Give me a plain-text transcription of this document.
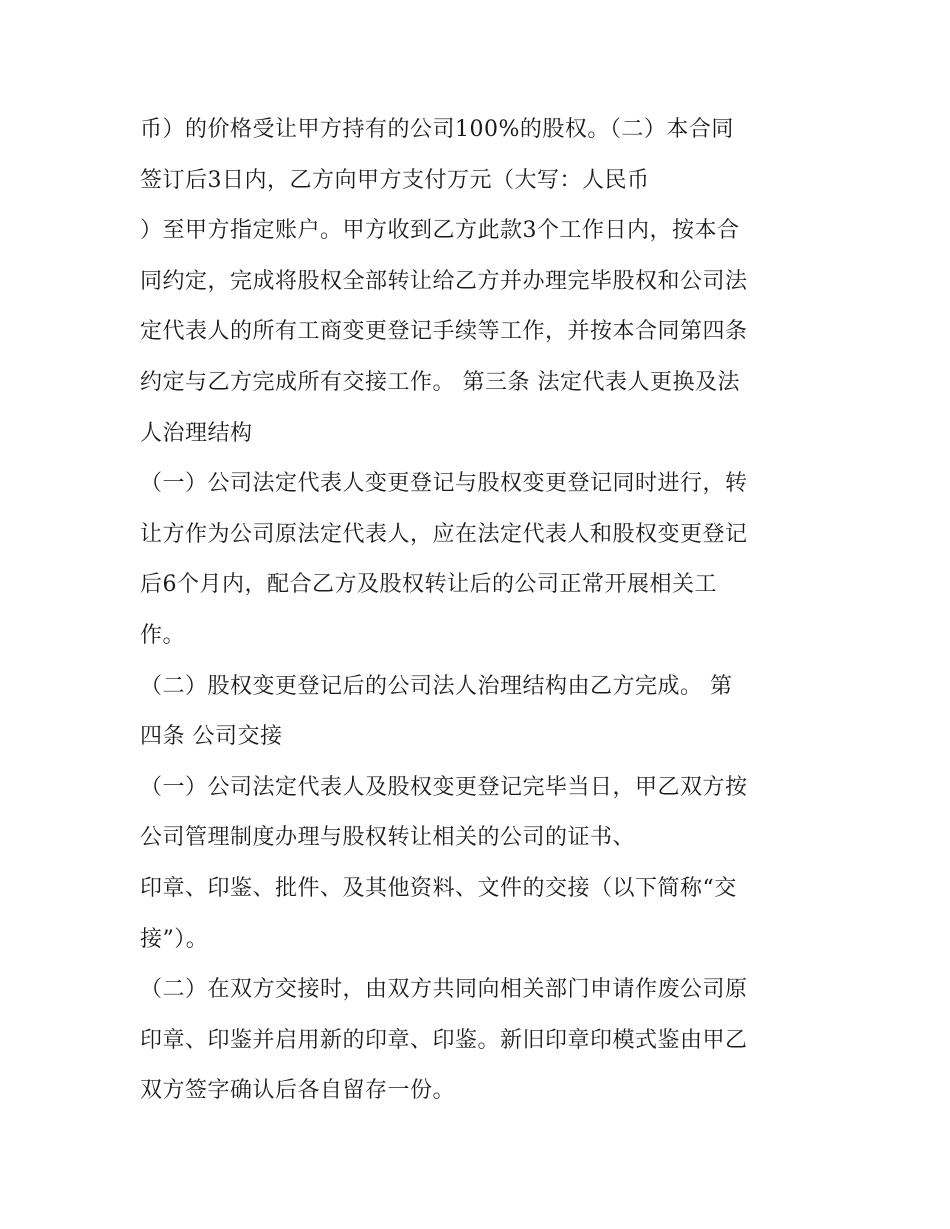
币）的价格受让甲方持有的公司100%的股权。（二）本合同
签订后3日内，乙方向甲方支付万元（大写：人民币
）至甲方指定账户。甲方收到乙方此款3个工作日内，按本合
同约定，完成将股权全部转让给乙方并办理完毕股权和公司法
定代表人的所有工商变更登记手续等工作，并按本合同第四条
约定与乙方完成所有交接工作。 第三条 法定代表人更换及法
人治理结构
（一）公司法定代表人变更登记与股权变更登记同时进行，转
让方作为公司原法定代表人，应在法定代表人和股权变更登记
后6个月内，配合乙方及股权转让后的公司正常开展相关工
作。
（二）股权变更登记后的公司法人治理结构由乙方完成。 第
四条 公司交接
（一）公司法定代表人及股权变更登记完毕当日，甲乙双方按
公司管理制度办理与股权转让相关的公司的证书、
印章、印鉴、批件、及其他资料、文件的交接（以下简称“交
接”）。
（二）在双方交接时，由双方共同向相关部门申请作废公司原
印章、印鉴并启用新的印章、印鉴。新旧印章印模式鉴由甲乙
双方签字确认后各自留存一份。
